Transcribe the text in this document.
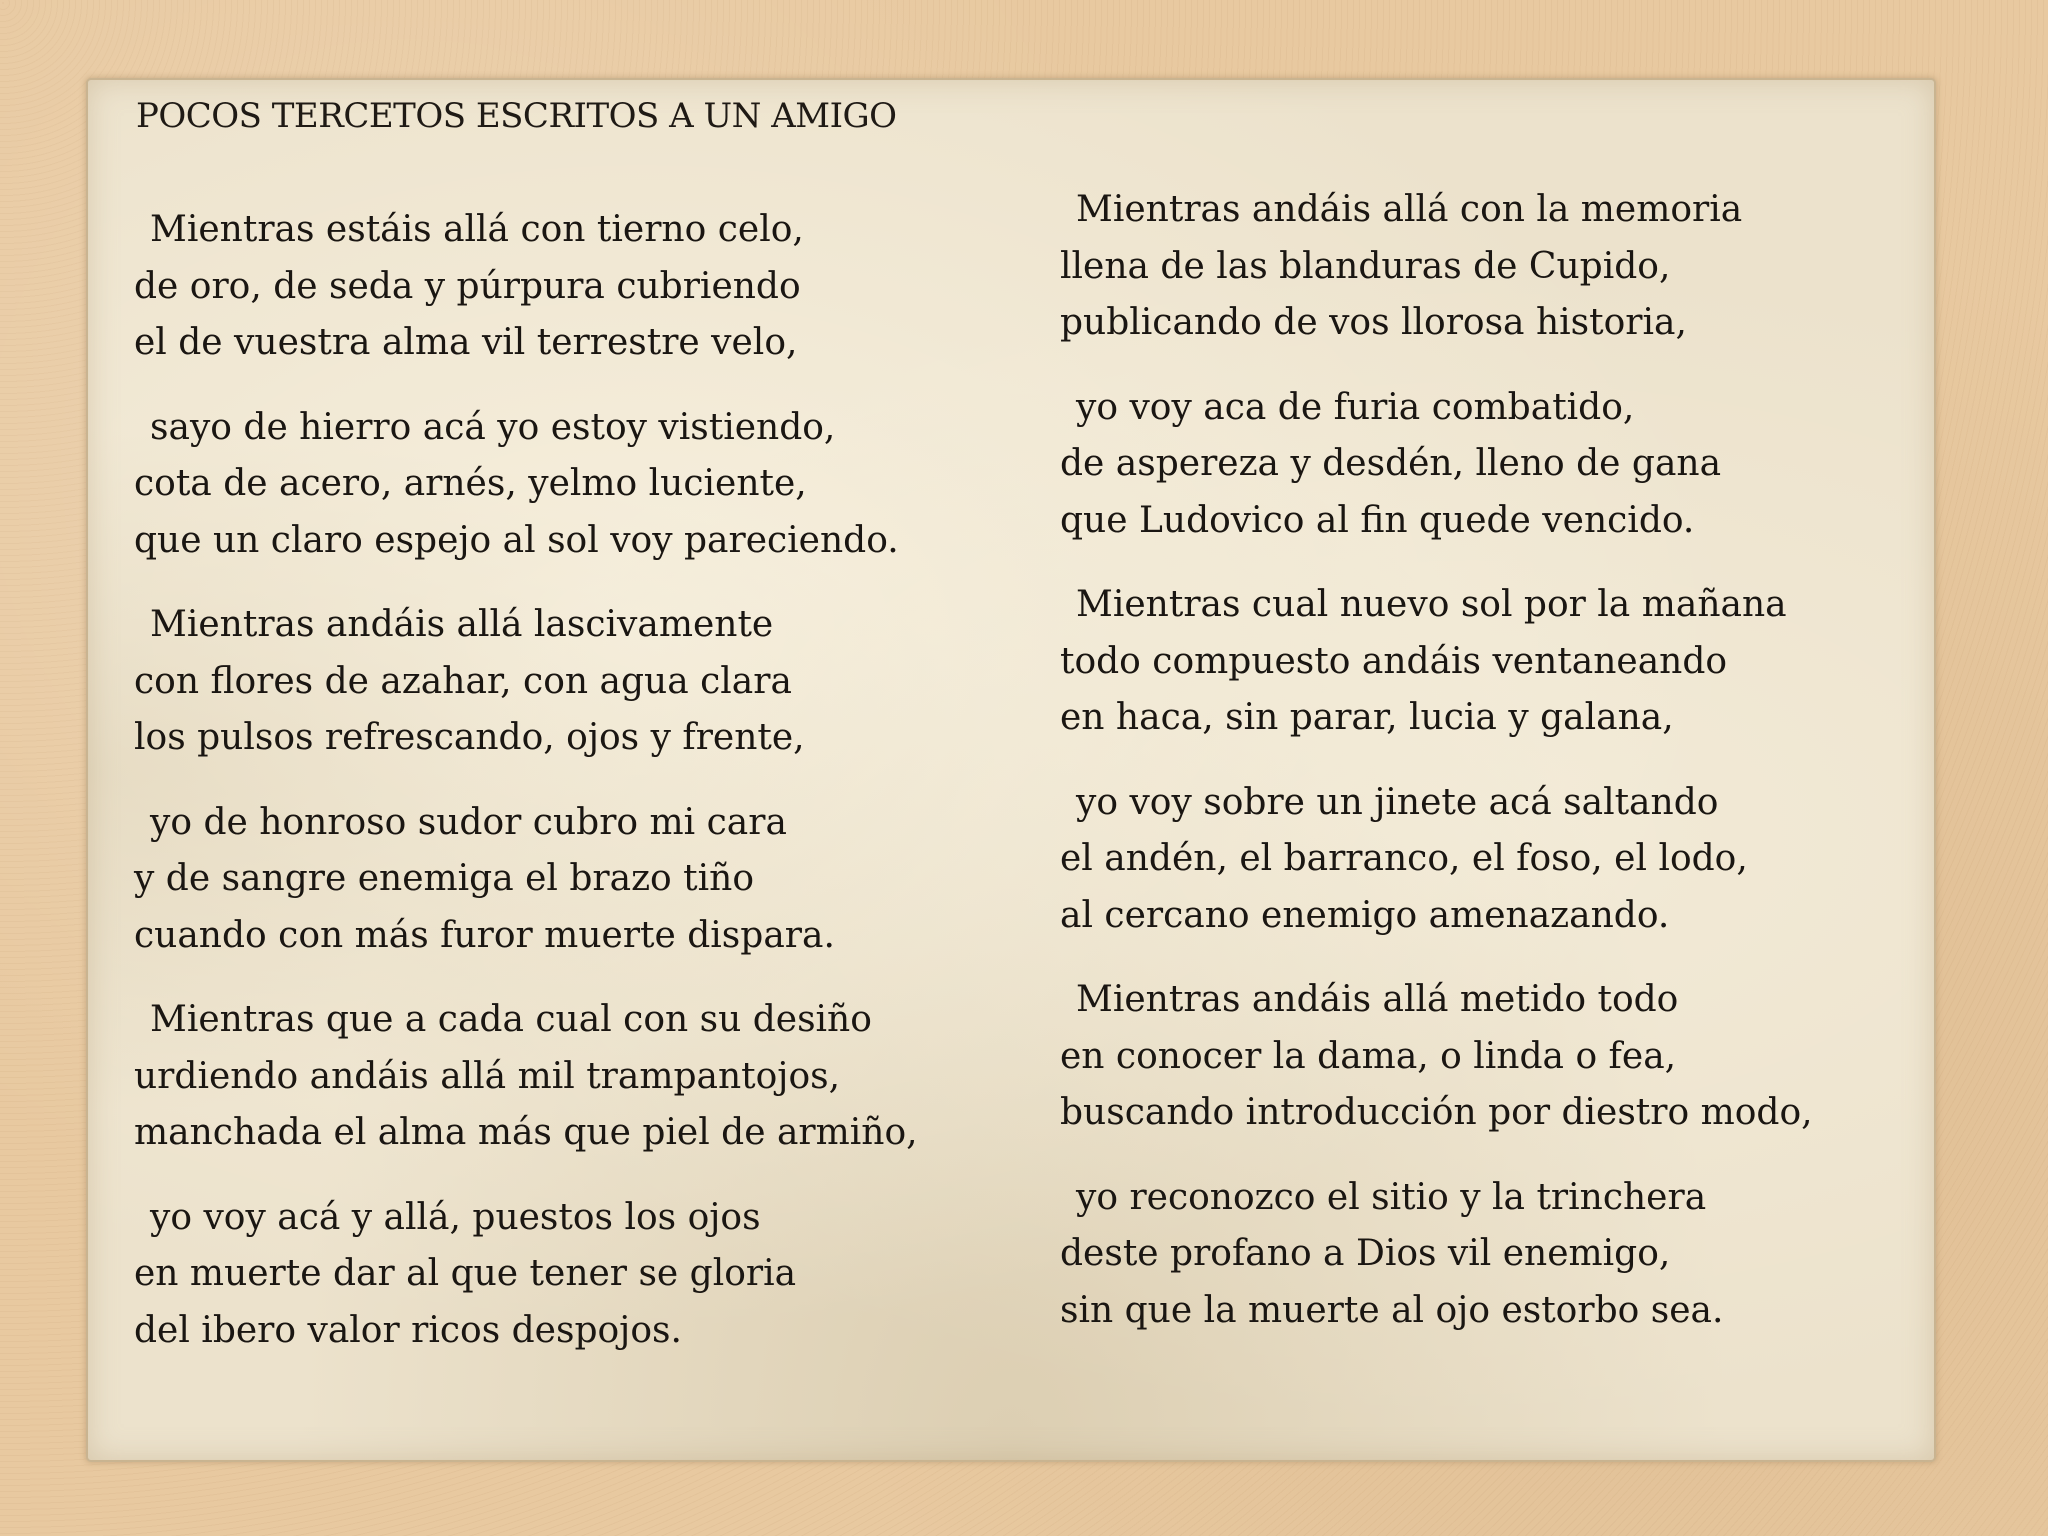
POCOS TERCETOS ESCRITOS A UN AMIGO
Mientras estáis allá con tierno celo,
de oro, de seda y púrpura cubriendo
el de vuestra alma vil terrestre velo,
sayo de hierro acá yo estoy vistiendo,
cota de acero, arnés, yelmo luciente,
que un claro espejo al sol voy pareciendo.
Mientras andáis allá lascivamente
con flores de azahar, con agua clara
los pulsos refrescando, ojos y frente,
yo de honroso sudor cubro mi cara
y de sangre enemiga el brazo tiño
cuando con más furor muerte dispara.
Mientras que a cada cual con su desiño
urdiendo andáis allá mil trampantojos,
manchada el alma más que piel de armiño,
yo voy acá y allá, puestos los ojos
en muerte dar al que tener se gloria
del ibero valor ricos despojos.
Mientras andáis allá con la memoria
llena de las blanduras de Cupido,
publicando de vos llorosa historia,
yo voy aca de furia combatido,
de aspereza y desdén, lleno de gana
que Ludovico al fin quede vencido.
Mientras cual nuevo sol por la mañana
todo compuesto andáis ventaneando
en haca, sin parar, lucia y galana,
yo voy sobre un jinete acá saltando
el andén, el barranco, el foso, el lodo,
al cercano enemigo amenazando.
Mientras andáis allá metido todo
en conocer la dama, o linda o fea,
buscando introducción por diestro modo,
yo reconozco el sitio y la trinchera
deste profano a Dios vil enemigo,
sin que la muerte al ojo estorbo sea.
